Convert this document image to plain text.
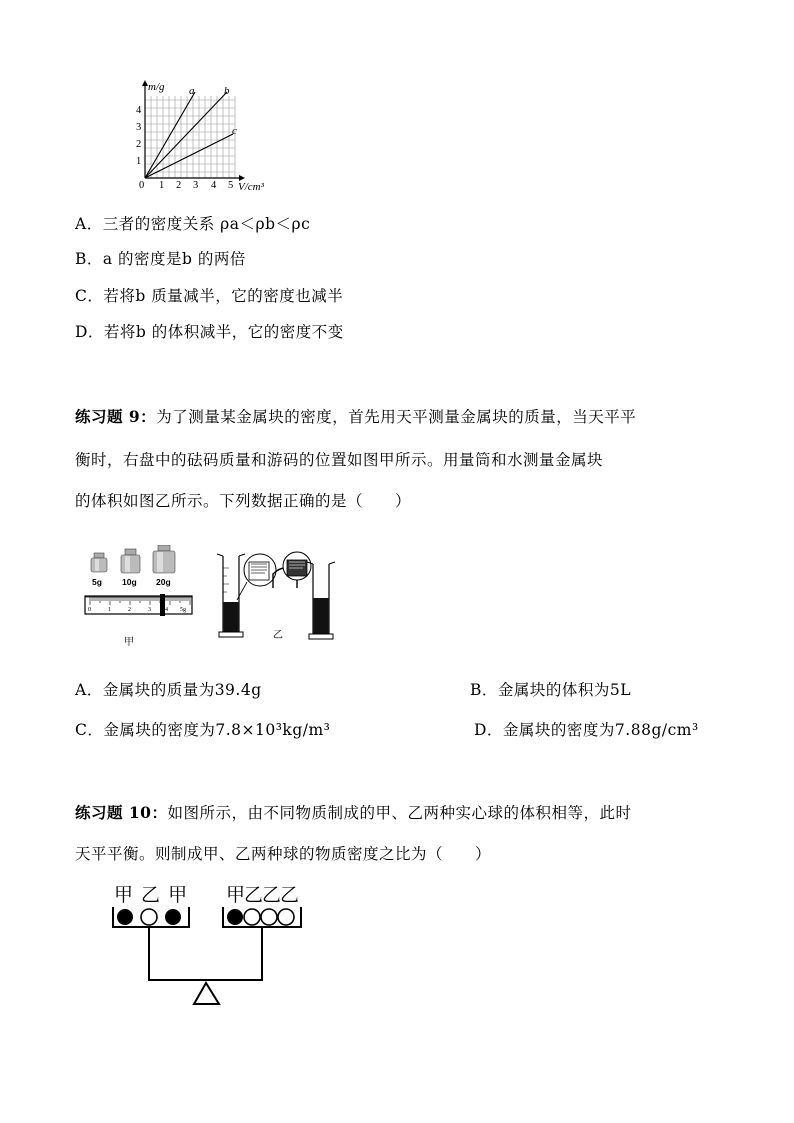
m/g
V/cm³
a	b
c
0
1
2
3
4
1 2 3 4 5
A．三者的密度关系 ρa＜ρb＜ρc
B．a 的密度是b 的两倍
C．若将b 质量减半，它的密度也减半
D．若将b 的体积减半，它的密度不变
练习题 9：为了测量某金属块的密度，首先用天平测量金属块的质量，当天平平
衡时，右盘中的砝码质量和游码的位置如图甲所示。用量筒和水测量金属块
的体积如图乙所示。下列数据正确的是（　　）
5g 10g 20g
0	1	2	3 4 5g
甲
乙
A．金属块的质量为39.4g	B．金属块的体积为5L
C．金属块的密度为7.8×10³kg/m³	D．金属块的密度为7.88g/cm³
练习题 10：如图所示，由不同物质制成的甲、乙两种实心球的体积相等，此时
天平平衡。则制成甲、乙两种球的物质密度之比为（　　）
甲 乙 甲 甲乙乙乙
